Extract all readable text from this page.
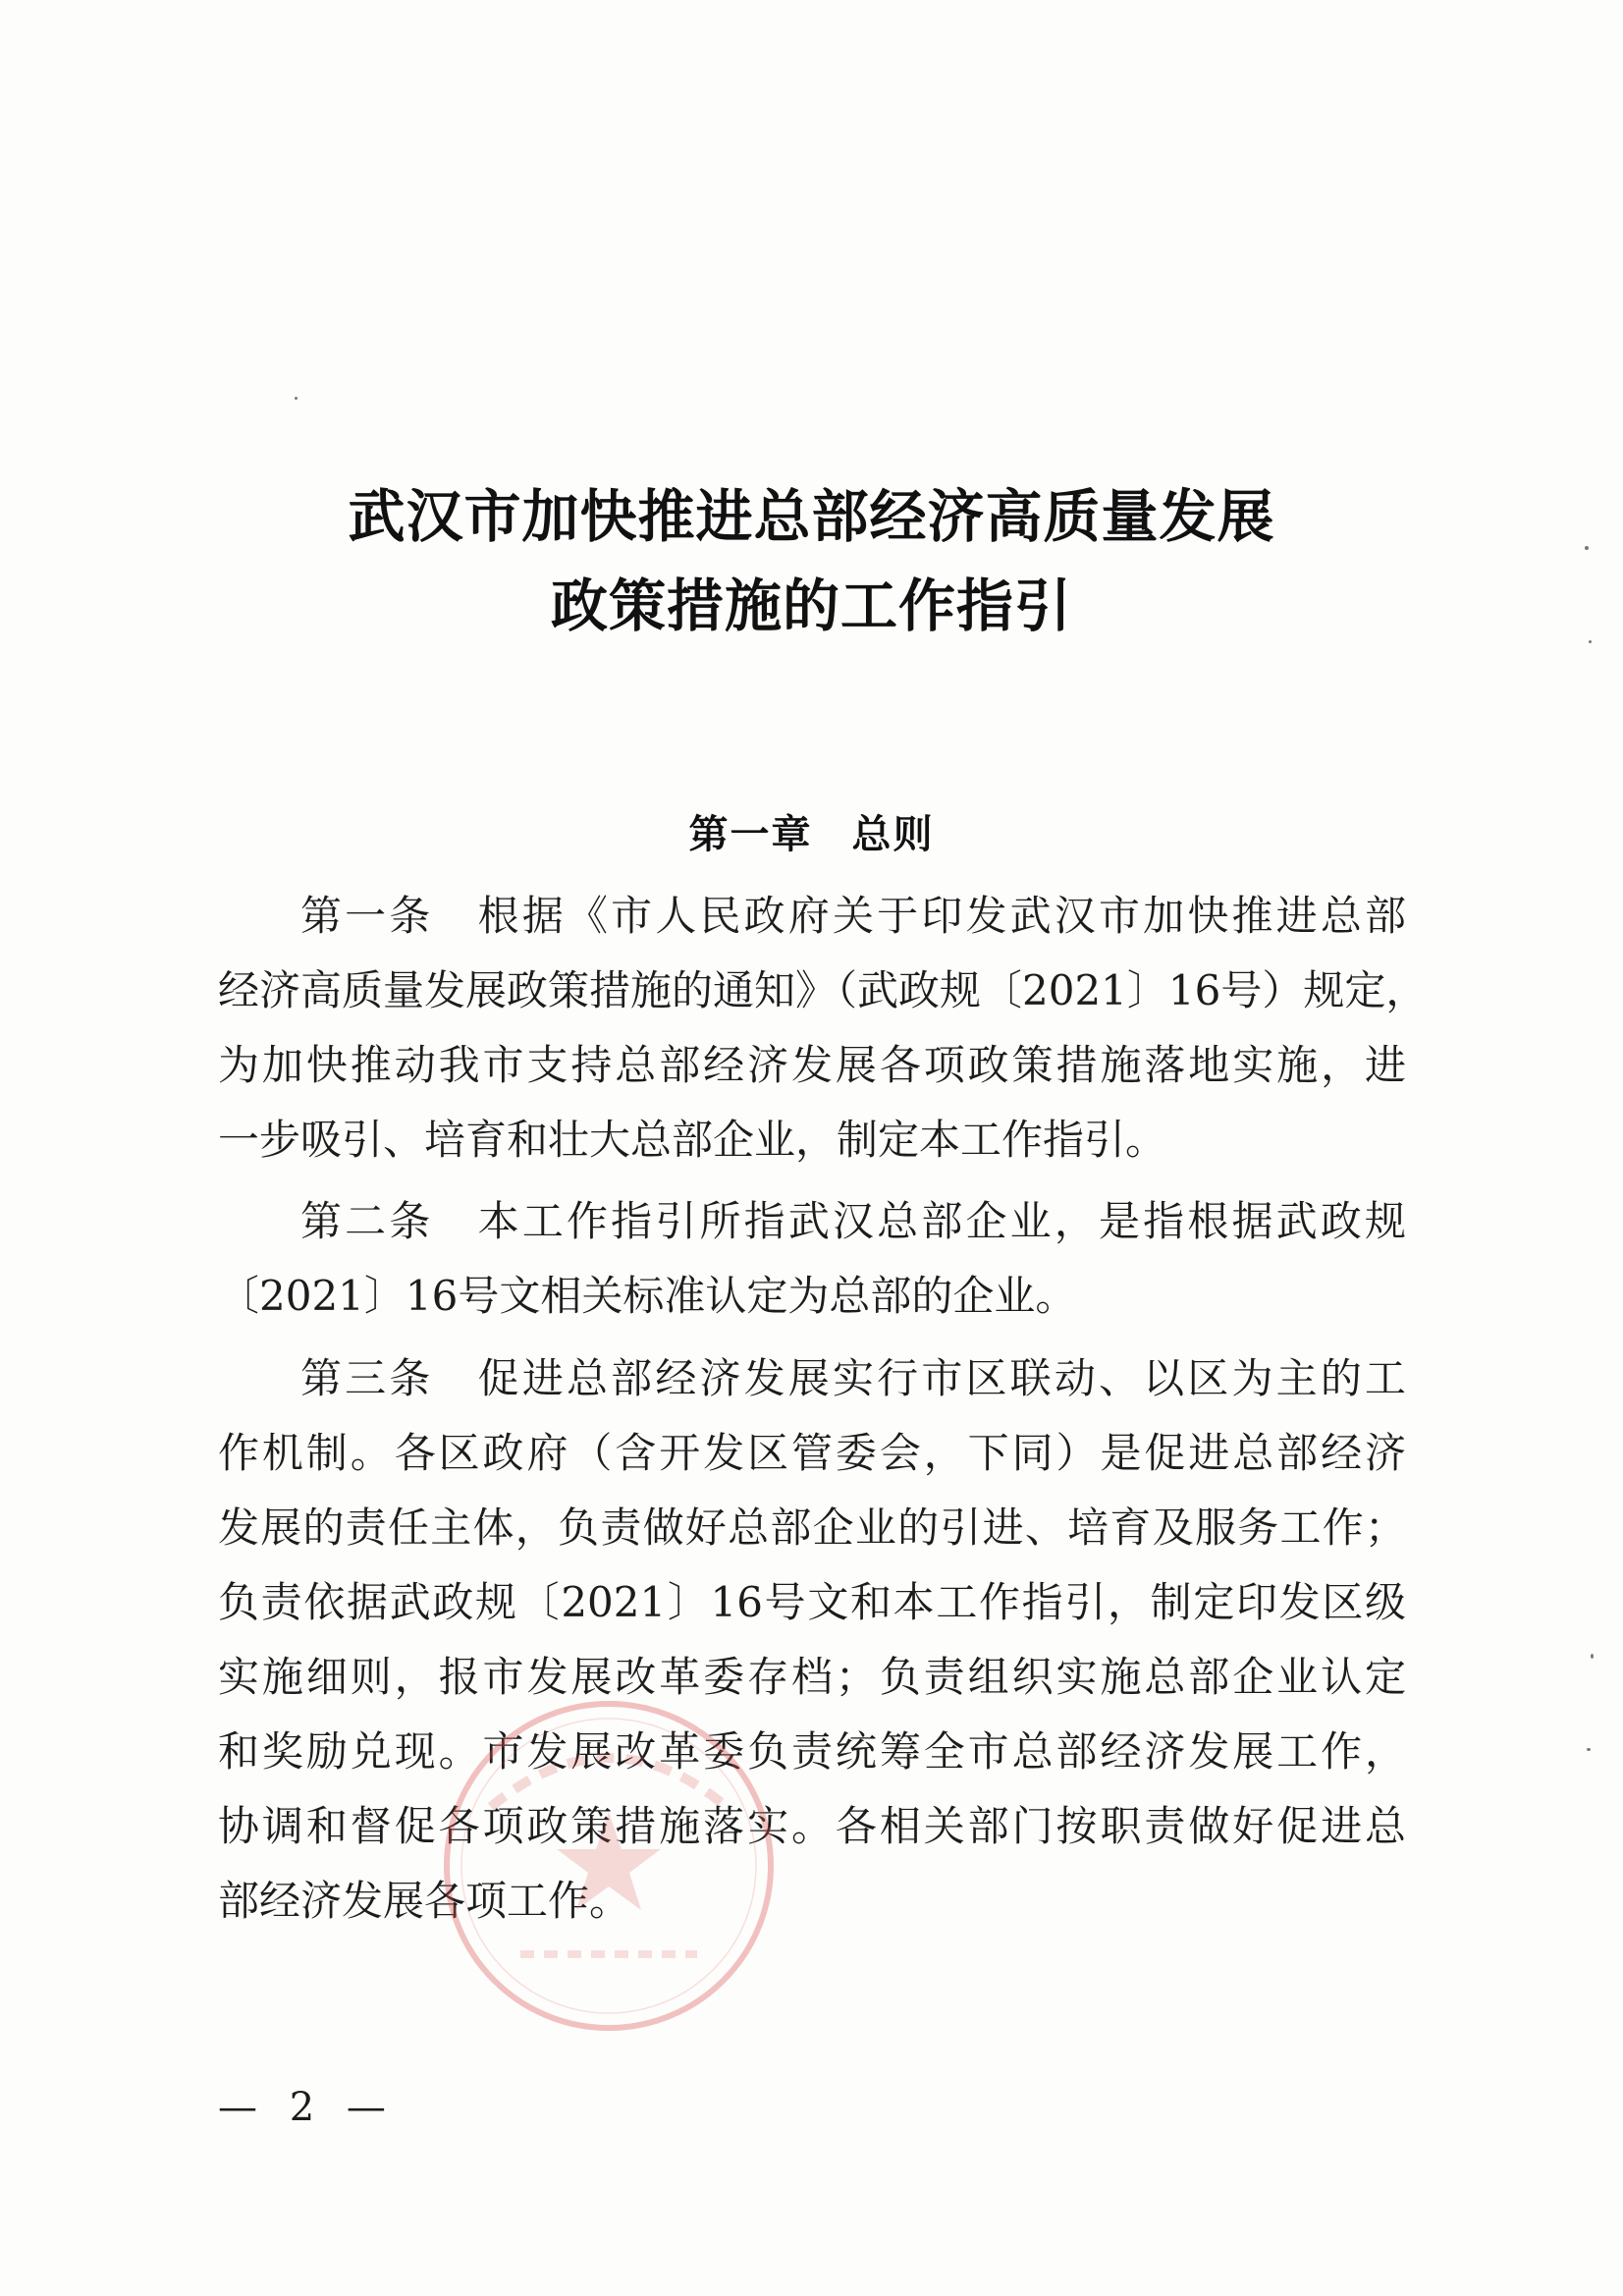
武汉市加快推进总部经济高质量发展
政策措施的工作指引
第一章 总则
第一条　根据《市人民政府关于印发武汉市加快推进总部
经济高质量发展政策措施的通知》（武政规〔2021〕16号）规定，
为加快推动我市支持总部经济发展各项政策措施落地实施，进
一步吸引、培育和壮大总部企业，制定本工作指引。
第二条　本工作指引所指武汉总部企业，是指根据武政规
〔2021〕16号文相关标准认定为总部的企业。
第三条　促进总部经济发展实行市区联动、以区为主的工
作机制。各区政府（含开发区管委会，下同）是促进总部经济
发展的责任主体，负责做好总部企业的引进、培育及服务工作；
负责依据武政规〔2021〕16号文和本工作指引，制定印发区级
实施细则，报市发展改革委存档；负责组织实施总部企业认定
和奖励兑现。市发展改革委负责统筹全市总部经济发展工作，
协调和督促各项政策措施落实。各相关部门按职责做好促进总
部经济发展各项工作。
— 2 —
